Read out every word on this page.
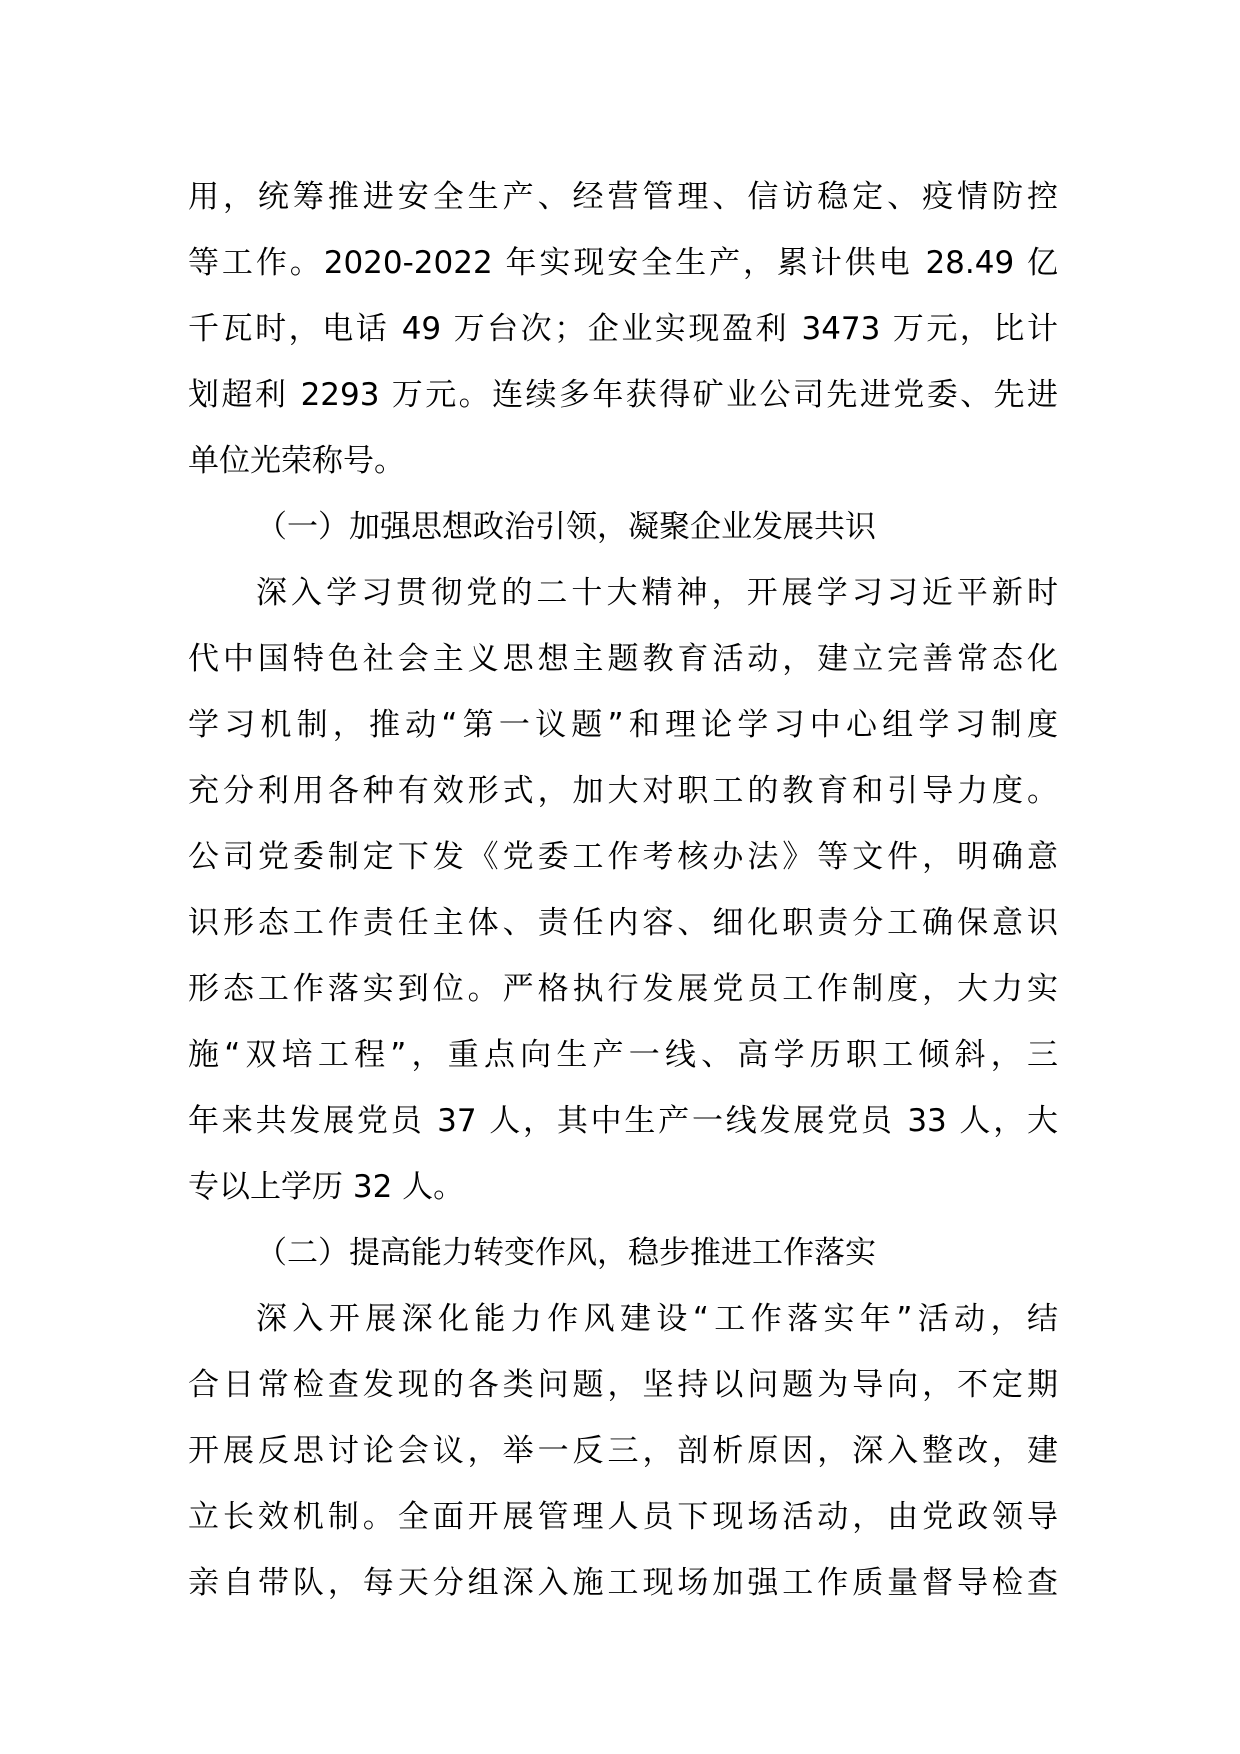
用，统筹推进安全生产、经营管理、信访稳定、疫情防控
等工作。2020-2022 年实现安全生产，累计供电 28.49 亿
千瓦时，电话 49 万台次；企业实现盈利 3473 万元，比计
划超利 2293 万元。连续多年获得矿业公司先进党委、先进
单位光荣称号。
（一）加强思想政治引领，凝聚企业发展共识
深入学习贯彻党的二十大精神，开展学习习近平新时
代中国特色社会主义思想主题教育活动，建立完善常态化
学习机制，推动“第一议题”和理论学习中心组学习制度
充分利用各种有效形式，加大对职工的教育和引导力度。
公司党委制定下发《党委工作考核办法》等文件，明确意
识形态工作责任主体、责任内容、细化职责分工确保意识
形态工作落实到位。严格执行发展党员工作制度，大力实
施“双培工程”，重点向生产一线、高学历职工倾斜，三
年来共发展党员 37 人，其中生产一线发展党员 33 人，大
专以上学历 32 人。
（二）提高能力转变作风，稳步推进工作落实
深入开展深化能力作风建设“工作落实年”活动，结
合日常检查发现的各类问题，坚持以问题为导向，不定期
开展反思讨论会议，举一反三，剖析原因，深入整改，建
立长效机制。全面开展管理人员下现场活动，由党政领导
亲自带队，每天分组深入施工现场加强工作质量督导检查
